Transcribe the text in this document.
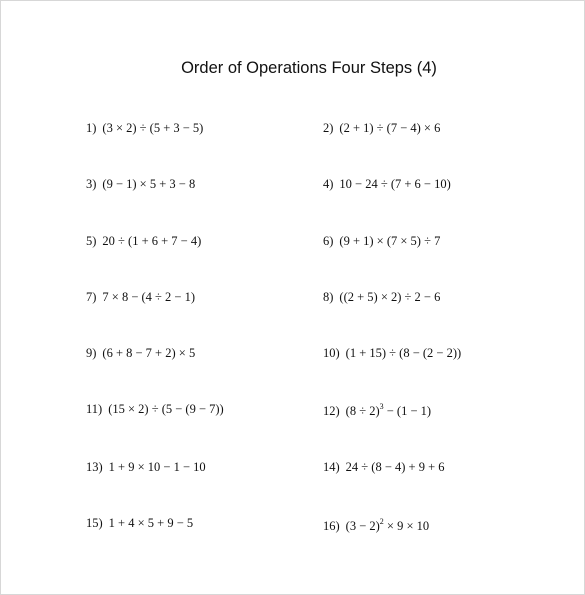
Order of Operations Four Steps (4)
1) (3 × 2) ÷ (5 + 3 − 5)	2) (2 + 1) ÷ (7 − 4) × 6
3) (9 − 1) × 5 + 3 − 8	4) 10 − 24 ÷ (7 + 6 − 10)
5) 20 ÷ (1 + 6 + 7 − 4)	6) (9 + 1) × (7 × 5) ÷ 7
7) 7 × 8 − (4 ÷ 2 − 1)	8) ((2 + 5) × 2) ÷ 2 − 6
9) (6 + 8 − 7 + 2) × 5	10) (1 + 15) ÷ (8 − (2 − 2))
11) (15 × 2) ÷ (5 − (9 − 7))	12) $(8 \div 2)^3 - (1 - 1)$
13) 1 + 9 × 10 − 1 − 10	14) 24 ÷ (8 − 4) + 9 + 6
15) 1 + 4 × 5 + 9 − 5	16) $(3 - 2)^2 \times 9 \times 10$
